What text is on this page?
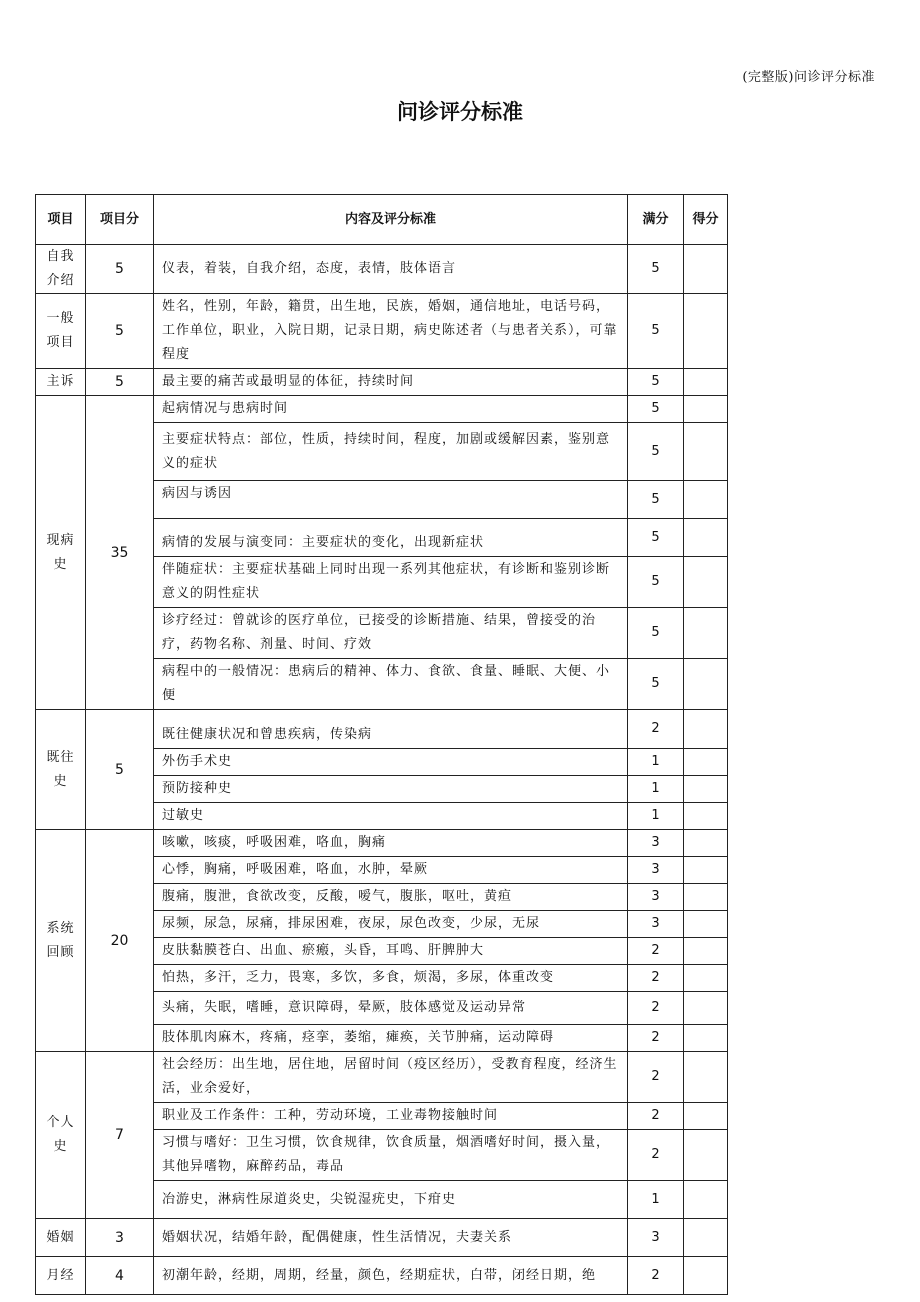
(完整版)问诊评分标准
问诊评分标准
项目	项目分	内容及评分标准	满分	得分
自我介绍	5	仪表，着装，自我介绍，态度，表情，肢体语言	5	
一般项目	5	姓名，性别，年龄，籍贯，出生地，民族，婚姻，通信地址，电话号码，工作单位，职业，入院日期，记录日期，病史陈述者（与患者关系），可靠程度	5	
主诉	5	最主要的痛苦或最明显的体征，持续时间	5	
现病史	35	起病情况与患病时间	5	
		主要症状特点：部位，性质，持续时间，程度，加剧或缓解因素，鉴别意义的症状	5	
		病因与诱因	5	
		病情的发展与演变同：主要症状的变化，出现新症状	5	
		伴随症状：主要症状基础上同时出现一系列其他症状，有诊断和鉴别诊断意义的阴性症状	5	
		诊疗经过：曾就诊的医疗单位，已接受的诊断措施、结果，曾接受的治疗，药物名称、剂量、时间、疗效	5	
		病程中的一般情况：患病后的精神、体力、食欲、食量、睡眠、大便、小便	5	
既往史	5	既往健康状况和曾患疾病，传染病	2	
		外伤手术史	1	
		预防接种史	1	
		过敏史	1	
系统回顾	20	咳嗽，咳痰，呼吸困难，咯血，胸痛	3	
		心悸，胸痛，呼吸困难，咯血，水肿，晕厥	3	
		腹痛，腹泄，食欲改变，反酸，嗳气，腹胀，呕吐，黄疸	3	
		尿频，尿急，尿痛，排尿困难，夜尿，尿色改变，少尿，无尿	3	
		皮肤黏膜苍白、出血、瘀瘢，头昏，耳鸣、肝脾肿大	2	
		怕热，多汗，乏力，畏寒，多饮，多食，烦渴，多尿，体重改变	2	
		头痛，失眠，嗜睡，意识障碍，晕厥，肢体感觉及运动异常	2	
		肢体肌肉麻木，疼痛，痉挛，萎缩，瘫痪，关节肿痛，运动障碍	2	
个人史	7	社会经历：出生地，居住地，居留时间（疫区经历），受教育程度，经济生活，业余爱好，	2	
		职业及工作条件：工种，劳动环境，工业毒物接触时间	2	
		习惯与嗜好：卫生习惯，饮食规律，饮食质量，烟酒嗜好时间，摄入量，其他异嗜物，麻醉药品，毒品	2	
		冶游史，淋病性尿道炎史，尖锐湿疣史，下疳史	1	
婚姻	3	婚姻状况，结婚年龄，配偶健康，性生活情况，夫妻关系	3	
月经	4	初潮年龄，经期，周期，经量，颜色，经期症状，白带，闭经日期，绝	2	
